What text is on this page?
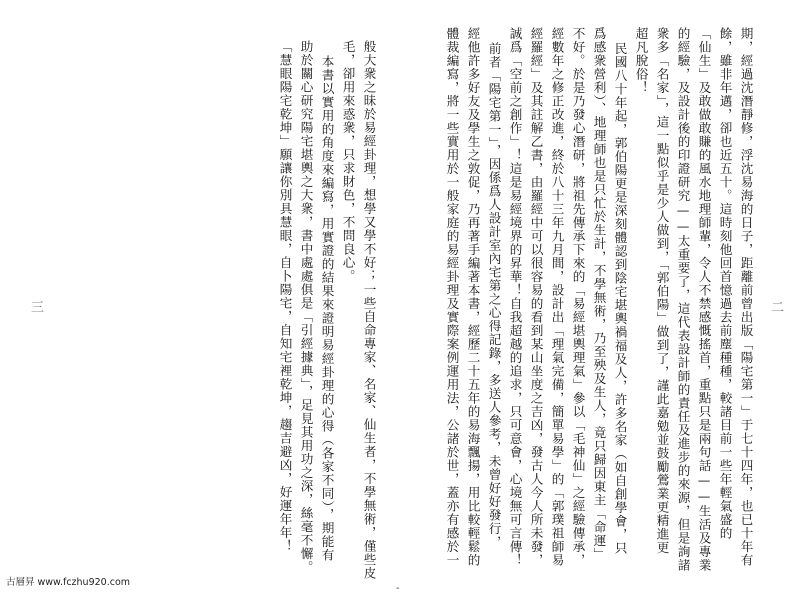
二
期，經過沈潛靜修，浮沈易海的日子，距離前曾出版「陽宅第一」于七十四年，也已十年有
餘，雖非年邁，卻也近五十。這時刻他回首憶過去前塵種種，較諸目前一些年輕氣盛的
「仙生」及敢做敢賺的風水地理師輩，令人不禁感慨搖首，重點只是兩句話——生活及專業
的經驗，及設計後的印證研究——太重要了，這代表設計師的責任及進步的來源，但是詢諸
衆多「名家」，這一點似乎是少人做到，「郭伯陽」做到了，謹此嘉勉並鼓勵鶯業更精進更
超凡脫俗！
民國八十年起，郭伯陽更是深刻體認到陰宅堪輿禍福及人，許多名家（如自創學會，只
爲感衆營利）、地理師也是只忙於生計，不學無術，乃至殃及生人，竟只歸因東主「命運」
不好。於是乃發心潛研，將祖先傳承下來的「易經堪輿理氣」參以「毛神仙」之經驗傳承，
經數年之修正改進，終於八十三年九月間，設計出「理氣完備，簡單易學」的「郭璞祖師易
經羅經」及其註解乙書，由羅經中可以很容易的看到某山坐度之吉凶，發古人今人所未發，
誠爲「空前之創作」！這是易經境界的昇華！自我超越的追求，只可意會，心境無可言傳！
前者「陽宅第一」，因係爲人設計室內宅第之心得記錄，多送人參考，未曾好好發行，
經他許多好友及學生之敦促，乃再著手編著本書，經歷二十五年的易海飄揚，用比較輕鬆的
體裁編寫，將一些實用於一般家庭的易經卦理及實際案例運用法，公諸於世，蓋亦有感於一
般大衆之昧於易經卦理，想學又學不好；一些自命專家、名家、仙生者，不學無術，僅些皮
毛，卻用來惑衆，只求財色，不問良心。
本書以實用的角度來編寫，用實證的結果來證明易經卦理的心得（各家不同），期能有
助於關心研究陽宅堪輿之大衆，書中處處俱是「引經據典」，足見其用功之深，絲毫不懈。
「慧眼陽宅乾坤」願讓你別具慧眼，自卜陽宅，自知宅裡乾坤，趨吉避凶，好運年年！
三
-
古層昇 www.fczhu920.com
